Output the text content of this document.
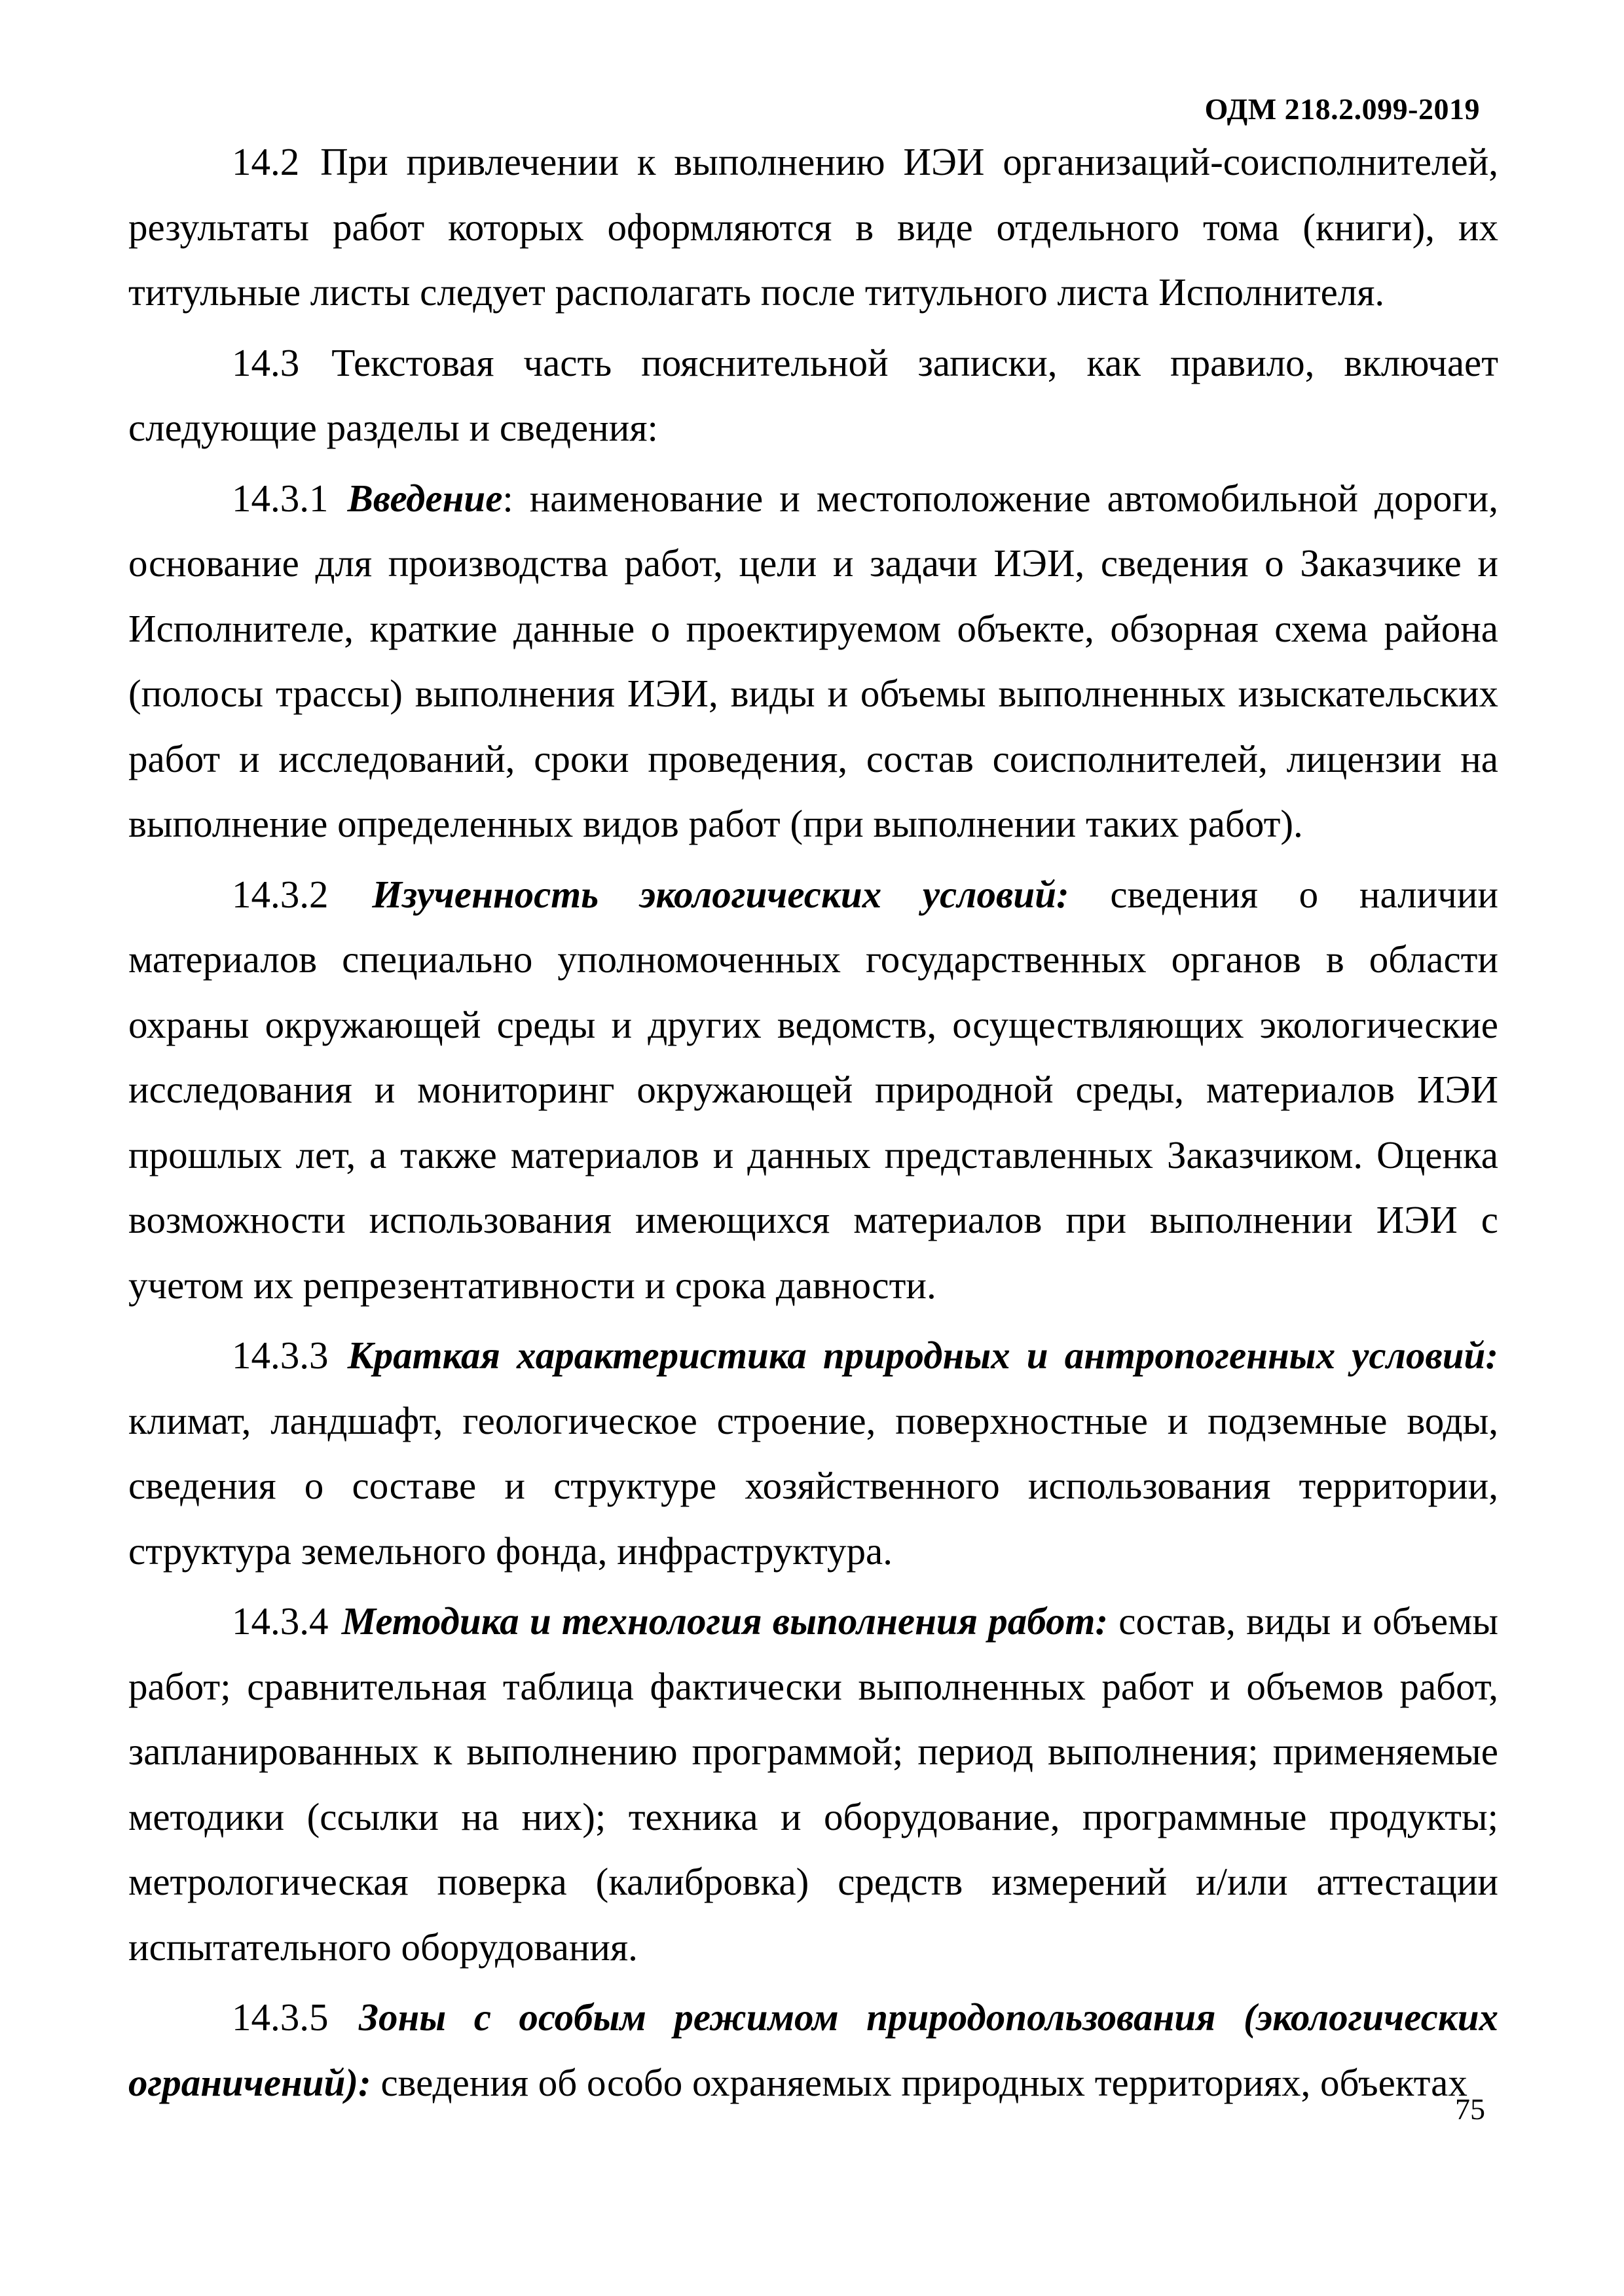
ОДМ 218.2.099-2019

14.2 При привлечении к выполнению ИЭИ организаций-соисполнителей, результаты работ которых оформляются в виде отдельного тома (книги), их титульные листы следует располагать после титульного листа Исполнителя.

14.3 Текстовая часть пояснительной записки, как правило, включает следующие разделы и сведения:

14.3.1 Введение: наименование и местоположение автомобильной дороги, основание для производства работ, цели и задачи ИЭИ, сведения о Заказчике и Исполнителе, краткие данные о проектируемом объекте, обзорная схема района (полосы трассы) выполнения ИЭИ, виды и объемы выполненных изыскательских работ и исследований, сроки проведения, состав соисполнителей, лицензии на выполнение определенных видов работ (при выполнении таких работ).

14.3.2 Изученность экологических условий: сведения о наличии материалов специально уполномоченных государственных органов в области охраны окружающей среды и других ведомств, осуществляющих экологические исследования и мониторинг окружающей природной среды, материалов ИЭИ прошлых лет, а также материалов и данных представленных Заказчиком. Оценка возможности использования имеющихся материалов при выполнении ИЭИ с учетом их репрезентативности и срока давности.

14.3.3 Краткая характеристика природных и антропогенных условий: климат, ландшафт, геологическое строение, поверхностные и подземные воды, сведения о составе и структуре хозяйственного использования территории, структура земельного фонда, инфраструктура.

14.3.4 Методика и технология выполнения работ: состав, виды и объемы работ; сравнительная таблица фактически выполненных работ и объемов работ, запланированных к выполнению программой; период выполнения; применяемые методики (ссылки на них); техника и оборудование, программные продукты; метрологическая поверка (калибровка) средств измерений и/или аттестации испытательного оборудования.

14.3.5 Зоны с особым режимом природопользования (экологических ограничений): сведения об особо охраняемых природных территориях, объектах

75
